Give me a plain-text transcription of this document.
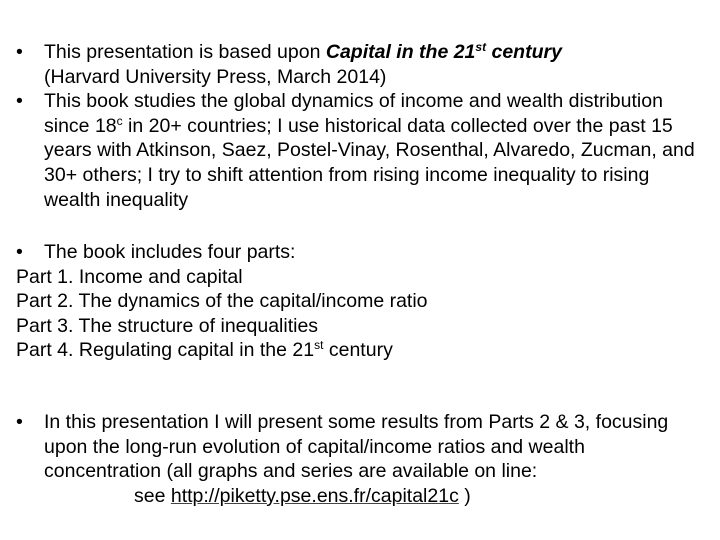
• This presentation is based upon Capital in the 21st century
(Harvard University Press, March 2014)
• This book studies the global dynamics of income and wealth distribution since 18$^c$ in 20+ countries; I use historical data collected over the past 15 years with Atkinson, Saez, Postel-Vinay, Rosenthal, Alvaredo, Zucman, and 30+ others; I try to shift attention from rising income inequality to rising wealth inequality
• The book includes four parts:
Part 1. Income and capital
Part 2. The dynamics of the capital/income ratio
Part 3. The structure of inequalities
Part 4. Regulating capital in the 21st century
• In this presentation I will present some results from Parts 2 & 3, focusing upon the long-run evolution of capital/income ratios and wealth concentration (all graphs and series are available on line:
see http://piketty.pse.ens.fr/capital21c )
